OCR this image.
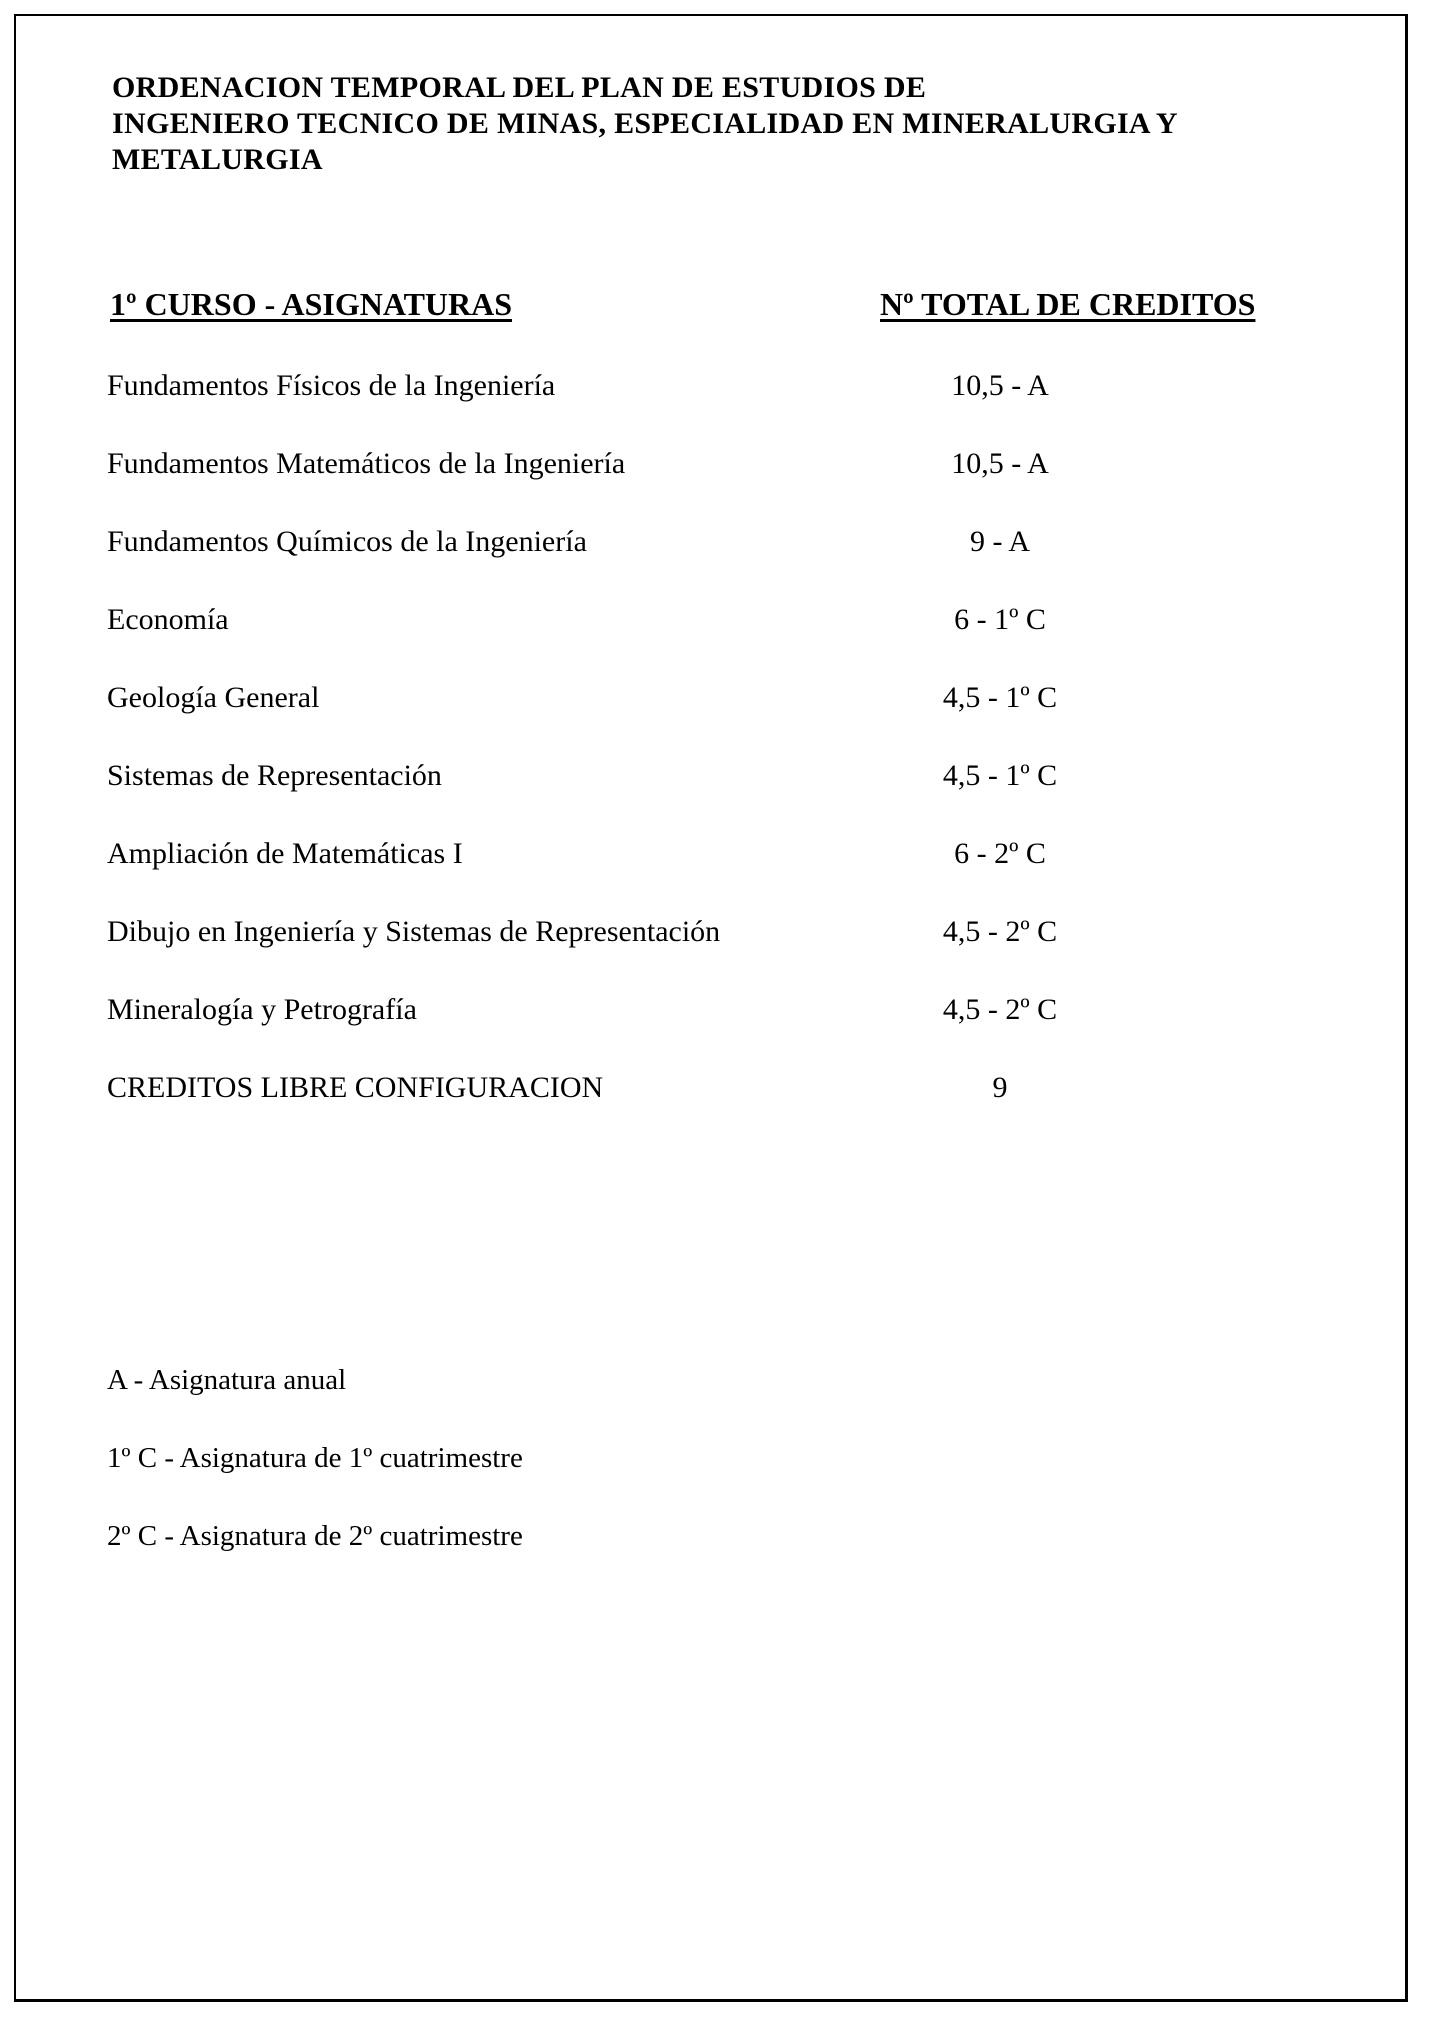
ORDENACION TEMPORAL DEL PLAN DE ESTUDIOS DE
INGENIERO TECNICO DE MINAS, ESPECIALIDAD EN MINERALURGIA Y
METALURGIA
1º CURSO - ASIGNATURAS	Nº TOTAL DE CREDITOS
Fundamentos Físicos de la Ingeniería	10,5 - A
Fundamentos Matemáticos de la Ingeniería	10,5 - A
Fundamentos Químicos de la Ingeniería	9 - A
Economía	6 - 1º C
Geología General	4,5 - 1º C
Sistemas de Representación	4,5 - 1º C
Ampliación de Matemáticas I	6 - 2º C
Dibujo en Ingeniería y Sistemas de Representación	4,5 - 2º C
Mineralogía y Petrografía	4,5 - 2º C
CREDITOS LIBRE CONFIGURACION	9
A - Asignatura anual
1º C - Asignatura de 1º cuatrimestre
2º C - Asignatura de 2º cuatrimestre
